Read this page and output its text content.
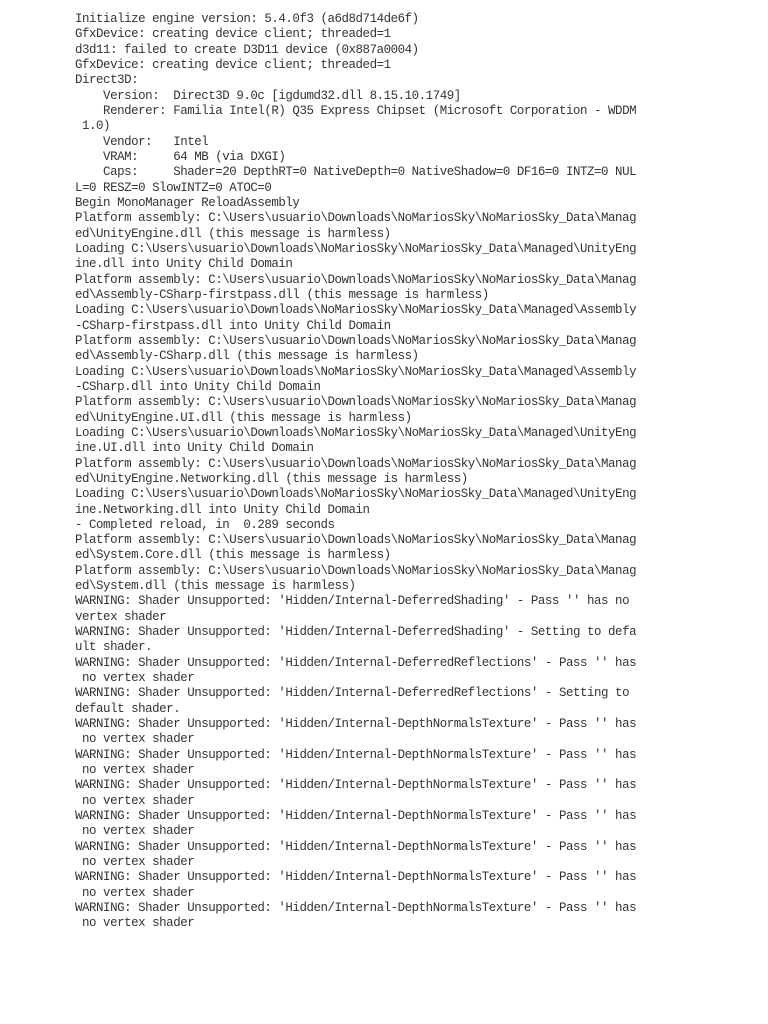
Initialize engine version: 5.4.0f3 (a6d8d714de6f)
GfxDevice: creating device client; threaded=1
d3d11: failed to create D3D11 device (0x887a0004)
GfxDevice: creating device client; threaded=1
Direct3D:
Version:  Direct3D 9.0c [igdumd32.dll 8.15.10.1749]
Renderer: Familia Intel(R) Q35 Express Chipset (Microsoft Corporation - WDDM
1.0)
Vendor:   Intel
VRAM:     64 MB (via DXGI)
Caps:     Shader=20 DepthRT=0 NativeDepth=0 NativeShadow=0 DF16=0 INTZ=0 NUL
L=0 RESZ=0 SlowINTZ=0 ATOC=0
Begin MonoManager ReloadAssembly
Platform assembly: C:\Users\usuario\Downloads\NoMariosSky\NoMariosSky_Data\Manag
ed\UnityEngine.dll (this message is harmless)
Loading C:\Users\usuario\Downloads\NoMariosSky\NoMariosSky_Data\Managed\UnityEng
ine.dll into Unity Child Domain
Platform assembly: C:\Users\usuario\Downloads\NoMariosSky\NoMariosSky_Data\Manag
ed\Assembly-CSharp-firstpass.dll (this message is harmless)
Loading C:\Users\usuario\Downloads\NoMariosSky\NoMariosSky_Data\Managed\Assembly
-CSharp-firstpass.dll into Unity Child Domain
Platform assembly: C:\Users\usuario\Downloads\NoMariosSky\NoMariosSky_Data\Manag
ed\Assembly-CSharp.dll (this message is harmless)
Loading C:\Users\usuario\Downloads\NoMariosSky\NoMariosSky_Data\Managed\Assembly
-CSharp.dll into Unity Child Domain
Platform assembly: C:\Users\usuario\Downloads\NoMariosSky\NoMariosSky_Data\Manag
ed\UnityEngine.UI.dll (this message is harmless)
Loading C:\Users\usuario\Downloads\NoMariosSky\NoMariosSky_Data\Managed\UnityEng
ine.UI.dll into Unity Child Domain
Platform assembly: C:\Users\usuario\Downloads\NoMariosSky\NoMariosSky_Data\Manag
ed\UnityEngine.Networking.dll (this message is harmless)
Loading C:\Users\usuario\Downloads\NoMariosSky\NoMariosSky_Data\Managed\UnityEng
ine.Networking.dll into Unity Child Domain
- Completed reload, in  0.289 seconds
Platform assembly: C:\Users\usuario\Downloads\NoMariosSky\NoMariosSky_Data\Manag
ed\System.Core.dll (this message is harmless)
Platform assembly: C:\Users\usuario\Downloads\NoMariosSky\NoMariosSky_Data\Manag
ed\System.dll (this message is harmless)
WARNING: Shader Unsupported: 'Hidden/Internal-DeferredShading' - Pass '' has no
vertex shader
WARNING: Shader Unsupported: 'Hidden/Internal-DeferredShading' - Setting to defa
ult shader.
WARNING: Shader Unsupported: 'Hidden/Internal-DeferredReflections' - Pass '' has
no vertex shader
WARNING: Shader Unsupported: 'Hidden/Internal-DeferredReflections' - Setting to
default shader.
WARNING: Shader Unsupported: 'Hidden/Internal-DepthNormalsTexture' - Pass '' has
no vertex shader
WARNING: Shader Unsupported: 'Hidden/Internal-DepthNormalsTexture' - Pass '' has
no vertex shader
WARNING: Shader Unsupported: 'Hidden/Internal-DepthNormalsTexture' - Pass '' has
no vertex shader
WARNING: Shader Unsupported: 'Hidden/Internal-DepthNormalsTexture' - Pass '' has
no vertex shader
WARNING: Shader Unsupported: 'Hidden/Internal-DepthNormalsTexture' - Pass '' has
no vertex shader
WARNING: Shader Unsupported: 'Hidden/Internal-DepthNormalsTexture' - Pass '' has
no vertex shader
WARNING: Shader Unsupported: 'Hidden/Internal-DepthNormalsTexture' - Pass '' has
no vertex shader
